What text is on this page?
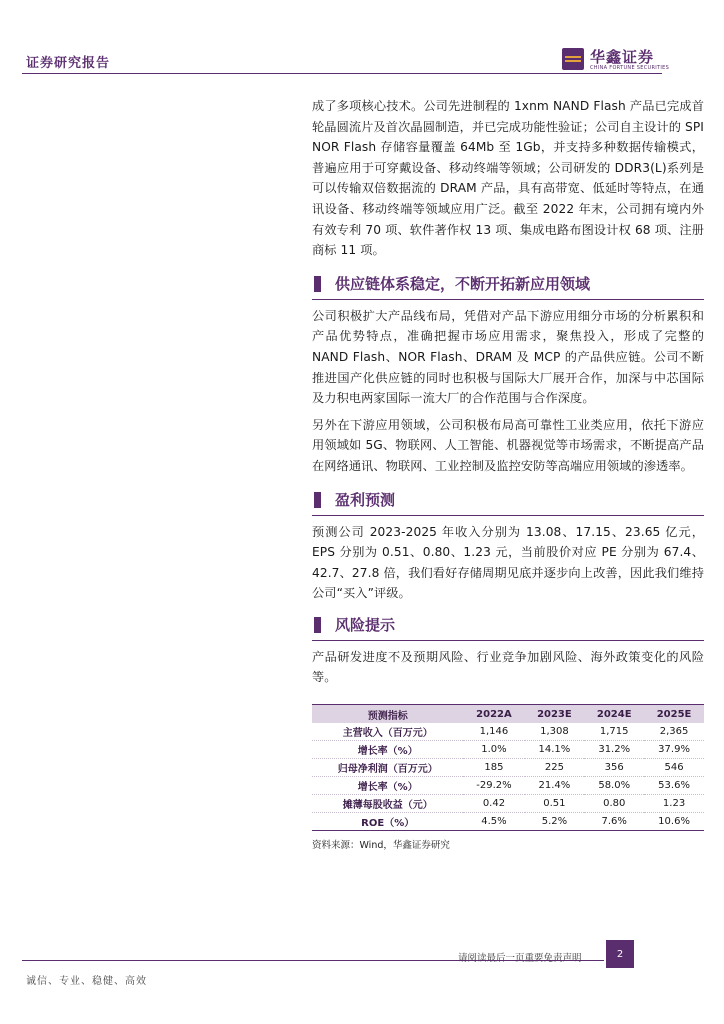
证券研究报告	华鑫证券
CHINA FORTUNE SECURITIES

成了多项核心技术。公司先进制程的 1xnm NAND Flash 产品已完成首轮晶圆流片及首次晶圆制造，并已完成功能性验证；公司自主设计的 SPI NOR Flash 存储容量覆盖 64Mb 至 1Gb，并支持多种数据传输模式，普遍应用于可穿戴设备、移动终端等领域；公司研发的 DDR3(L)系列是可以传输双倍数据流的 DRAM 产品，具有高带宽、低延时等特点，在通讯设备、移动终端等领域应用广泛。截至 2022 年末，公司拥有境内外有效专利 70 项、软件著作权 13 项、集成电路布图设计权 68 项、注册商标 11 项。

供应链体系稳定，不断开拓新应用领域

公司积极扩大产品线布局，凭借对产品下游应用细分市场的分析累积和产品优势特点，准确把握市场应用需求，聚焦投入，形成了完整的 NAND Flash、NOR Flash、DRAM 及 MCP 的产品供应链。公司不断推进国产化供应链的同时也积极与国际大厂展开合作，加深与中芯国际及力积电两家国际一流大厂的合作范围与合作深度。

另外在下游应用领域，公司积极布局高可靠性工业类应用，依托下游应用领域如 5G、物联网、人工智能、机器视觉等市场需求，不断提高产品在网络通讯、物联网、工业控制及监控安防等高端应用领域的渗透率。

盈利预测

预测公司 2023-2025 年收入分别为 13.08、17.15、23.65 亿元，EPS 分别为 0.51、0.80、1.23 元，当前股价对应 PE 分别为 67.4、42.7、27.8 倍，我们看好存储周期见底并逐步向上改善，因此我们维持公司“买入”评级。

风险提示

产品研发进度不及预期风险、行业竞争加剧风险、海外政策变化的风险等。

预测指标	2022A	2023E	2024E	2025E
主营收入（百万元）	1,146	1,308	1,715	2,365
增长率（%）	1.0%	14.1%	31.2%	37.9%
归母净利润（百万元）	185	225	356	546
增长率（%）	-29.2%	21.4%	58.0%	53.6%
摊薄每股收益（元）	0.42	0.51	0.80	1.23
ROE（%）	4.5%	5.2%	7.6%	10.6%
资料来源：Wind，华鑫证券研究
请阅读最后一页重要免责声明	2
诚信、专业、稳健、高效
